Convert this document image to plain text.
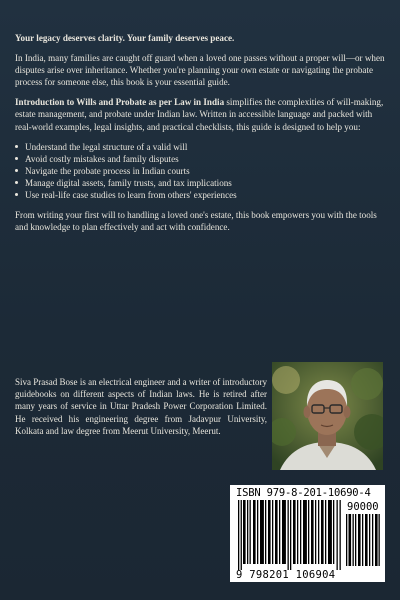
Your legacy deserves clarity. Your family deserves peace.

In India, many families are caught off guard when a loved one passes without a proper will—or when disputes arise over inheritance. Whether you're planning your own estate or navigating the probate process for someone else, this book is your essential guide.

Introduction to Wills and Probate as per Law in India simplifies the complexities of will-making, estate management, and probate under Indian law. Written in accessible language and packed with real-world examples, legal insights, and practical checklists, this guide is designed to help you:

Understand the legal structure of a valid will
Avoid costly mistakes and family disputes
Navigate the probate process in Indian courts
Manage digital assets, family trusts, and tax implications
Use real-life case studies to learn from others' experiences

From writing your first will to handling a loved one's estate, this book empowers you with the tools and knowledge to plan effectively and act with confidence.

Siva Prasad Bose is an electrical engineer and a writer of introductory guidebooks on different aspects of Indian laws. He is retired after many years of service in Uttar Pradesh Power Corporation Limited. He received his engineering degree from Jadavpur University, Kolkata and law degree from Meerut University, Meerut.

ISBN 979-8-201-10690-4
90000
9 798201 106904
